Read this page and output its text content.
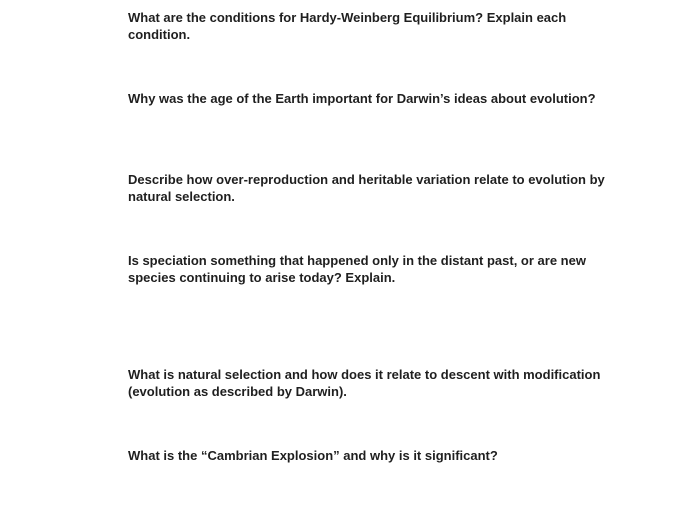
What are the conditions for Hardy-Weinberg Equilibrium? Explain each condition.
Why was the age of the Earth important for Darwin’s ideas about evolution?
Describe how over-reproduction and heritable variation relate to evolution by natural selection.
Is speciation something that happened only in the distant past, or are new species continuing to arise today? Explain.
What is natural selection and how does it relate to descent with modification (evolution as described by Darwin).
What is the “Cambrian Explosion” and why is it significant?
